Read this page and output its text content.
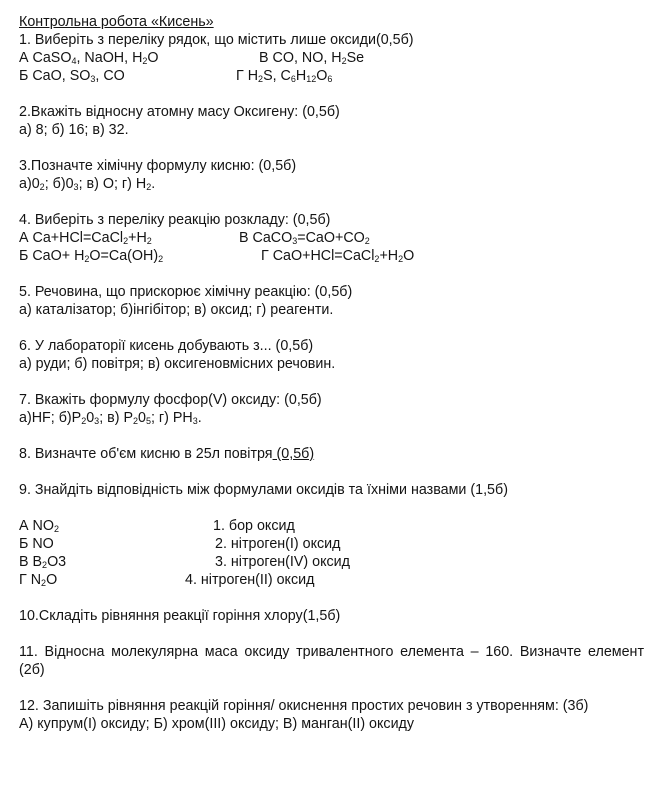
Контрольна робота «Кисень»
1. Виберіть з переліку рядок, що містить лише оксиди(0,5б)
А CaSO$_4$, NaOH, $H_2O$	В CO, NO, $H_2Se$
Б CaO, $SO_3$, CO	Г $H_2S$, $C_6H_{12}O_6$
2.Вкажіть відносну атомну масу Оксигену: (0,5б)
а) 8; б) 16; в) 32.
3.Позначте хімічну формулу кисню: (0,5б)
$а)0_2$; $б)0_3$; в) O; г) $H_2$.
4. Виберіть з переліку реакцію розкладу: (0,5б)
А $Ca+HCl=CaCl_2+H_2$	В $CaCO_3=CaO+CO_2$
Б $CaO+ H_2O=Ca(OH)_2$	Г $CaO+HCl=CaCl_2+H_2O$
5. Речовина, що прискорює хімічну реакцію: (0,5б)
а) каталізатор; б)інгібітор; в) оксид; г) реагенти.
6. У лабораторії кисень добувають з... (0,5б)
а) руди; б) повітря; в) оксигеновмісних речовин.
7. Вкажіть формулу фосфор(V) оксиду: (0,5б)
а)HF; $б)P_20_3$; в) $P_20_5$; г) $PH_3$.
8. Визначте об'єм кисню в 25л повітря (0,5б)
9. Знайдіть відповідність між формулами оксидів та їхніми назвами (1,5б)
А $NO_2$	1. бор оксид
Б NO	2. нітроген(І) оксид
В $B_2O3$	3. нітроген(ІV) оксид
Г $N_2O$	4. нітроген(ІІ) оксид
10.Складіть рівняння реакції горіння хлору(1,5б)
11. Відносна молекулярна маса оксиду тривалентного елемента – 160. Визначте елемент (2б)
12. Запишіть рівняння реакцій горіння/ окиснення простих речовин з утворенням: (3б)
А) купрум(І) оксиду; Б) хром(ІІІ) оксиду; В) манган(ІІ) оксиду
